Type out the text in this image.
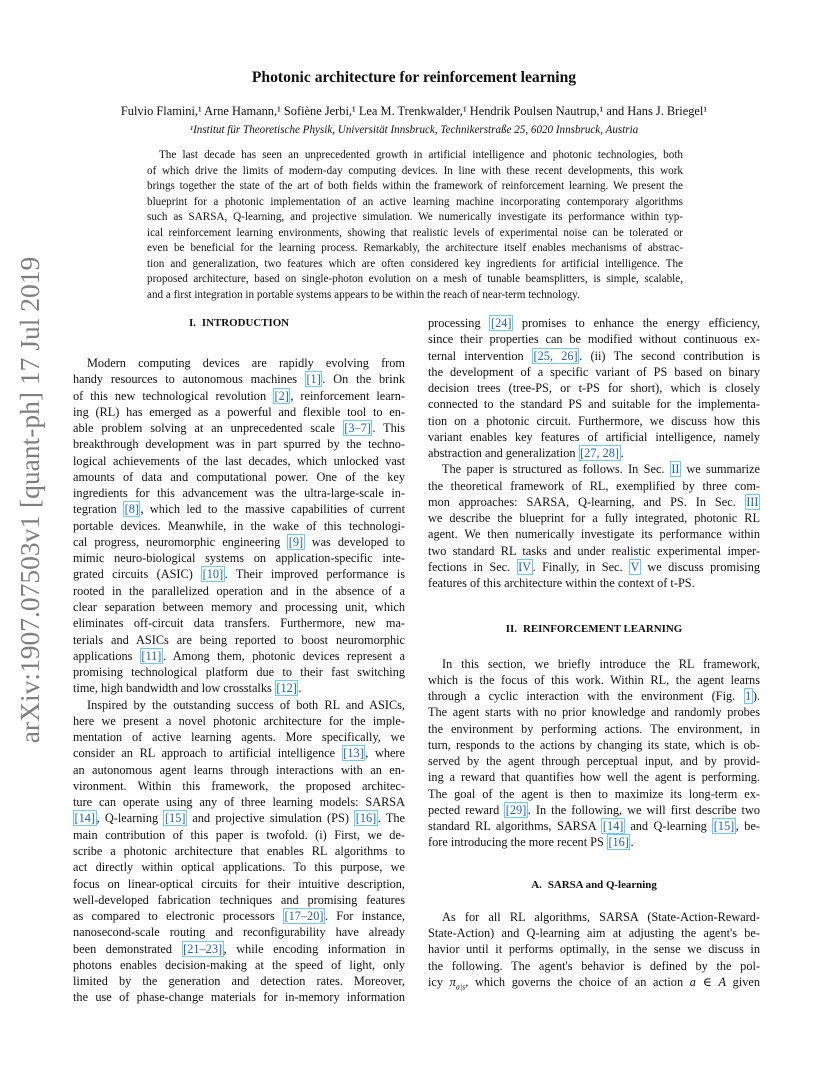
arXiv:1907.07503v1 [quant-ph] 17 Jul 2019
Photonic architecture for reinforcement learning
Fulvio Flamini,¹ Arne Hamann,¹ Sofiène Jerbi,¹ Lea M. Trenkwalder,¹ Hendrik Poulsen Nautrup,¹ and Hans J. Briegel¹
¹Institut für Theoretische Physik, Universität Innsbruck, Technikerstraße 25, 6020 Innsbruck, Austria
The last decade has seen an unprecedented growth in artificial intelligence and photonic technologies, both
of which drive the limits of modern-day computing devices. In line with these recent developments, this work
brings together the state of the art of both fields within the framework of reinforcement learning. We present the
blueprint for a photonic implementation of an active learning machine incorporating contemporary algorithms
such as SARSA, Q-learning, and projective simulation. We numerically investigate its performance within typ-
ical reinforcement learning environments, showing that realistic levels of experimental noise can be tolerated or
even be beneficial for the learning process. Remarkably, the architecture itself enables mechanisms of abstrac-
tion and generalization, two features which are often considered key ingredients for artificial intelligence. The
proposed architecture, based on single-photon evolution on a mesh of tunable beamsplitters, is simple, scalable,
and a first integration in portable systems appears to be within the reach of near-term technology.
I. INTRODUCTION
Modern computing devices are rapidly evolving from
handy resources to autonomous machines [1] . On the brink
of this new technological revolution [2] , reinforcement learn-
ing (RL) has emerged as a powerful and flexible tool to en-
able problem solving at an unprecedented scale [3–7] . This
breakthrough development was in part spurred by the techno-
logical achievements of the last decades, which unlocked vast
amounts of data and computational power. One of the key
ingredients for this advancement was the ultra-large-scale in-
tegration [8] , which led to the massive capabilities of current
portable devices. Meanwhile, in the wake of this technologi-
cal progress, neuromorphic engineering [9] was developed to
mimic neuro-biological systems on application-specific inte-
grated circuits (ASIC) [10] . Their improved performance is
rooted in the parallelized operation and in the absence of a
clear separation between memory and processing unit, which
eliminates off-circuit data transfers. Furthermore, new ma-
terials and ASICs are being reported to boost neuromorphic
applications [11] . Among them, photonic devices represent a
promising technological platform due to their fast switching
time, high bandwidth and low crosstalks [12] .
Inspired by the outstanding success of both RL and ASICs,
here we present a novel photonic architecture for the imple-
mentation of active learning agents. More specifically, we
consider an RL approach to artificial intelligence [13] , where
an autonomous agent learns through interactions with an en-
vironment. Within this framework, the proposed architec-
ture can operate using any of three learning models: SARSA
[14] , Q-learning [15] and projective simulation (PS) [16] . The
main contribution of this paper is twofold. (i) First, we de-
scribe a photonic architecture that enables RL algorithms to
act directly within optical applications. To this purpose, we
focus on linear-optical circuits for their intuitive description,
well-developed fabrication techniques and promising features
as compared to electronic processors [17–20] . For instance,
nanosecond-scale routing and reconfigurability have already
been demonstrated [21–23] , while encoding information in
photons enables decision-making at the speed of light, only
limited by the generation and detection rates. Moreover,
the use of phase-change materials for in-memory information
processing [24] promises to enhance the energy efficiency,
since their properties can be modified without continuous ex-
ternal intervention [25, 26] . (ii) The second contribution is
the development of a specific variant of PS based on binary
decision trees (tree-PS, or t-PS for short), which is closely
connected to the standard PS and suitable for the implementa-
tion on a photonic circuit. Furthermore, we discuss how this
variant enables key features of artificial intelligence, namely
abstraction and generalization [27, 28] .
The paper is structured as follows. In Sec. II we summarize
the theoretical framework of RL, exemplified by three com-
mon approaches: SARSA, Q-learning, and PS. In Sec. III
we describe the blueprint for a fully integrated, photonic RL
agent. We then numerically investigate its performance within
two standard RL tasks and under realistic experimental imper-
fections in Sec. IV . Finally, in Sec. V we discuss promising
features of this architecture within the context of t-PS.
II. REINFORCEMENT LEARNING
In this section, we briefly introduce the RL framework,
which is the focus of this work. Within RL, the agent learns
through a cyclic interaction with the environment (Fig. 1 ).
The agent starts with no prior knowledge and randomly probes
the environment by performing actions. The environment, in
turn, responds to the actions by changing its state, which is ob-
served by the agent through perceptual input, and by provid-
ing a reward that quantifies how well the agent is performing.
The goal of the agent is then to maximize its long-term ex-
pected reward [29] . In the following, we will first describe two
standard RL algorithms, SARSA [14] and Q-learning [15] , be-
fore introducing the more recent PS [16] .
A. SARSA and Q-learning
As for all RL algorithms, SARSA (State-Action-Reward-
State-Action) and Q-learning aim at adjusting the agent's be-
havior until it performs optimally, in the sense we discuss in
the following. The agent's behavior is defined by the pol-
icy $\pi_{a|s}$, which governs the choice of an action a ∈ A given
